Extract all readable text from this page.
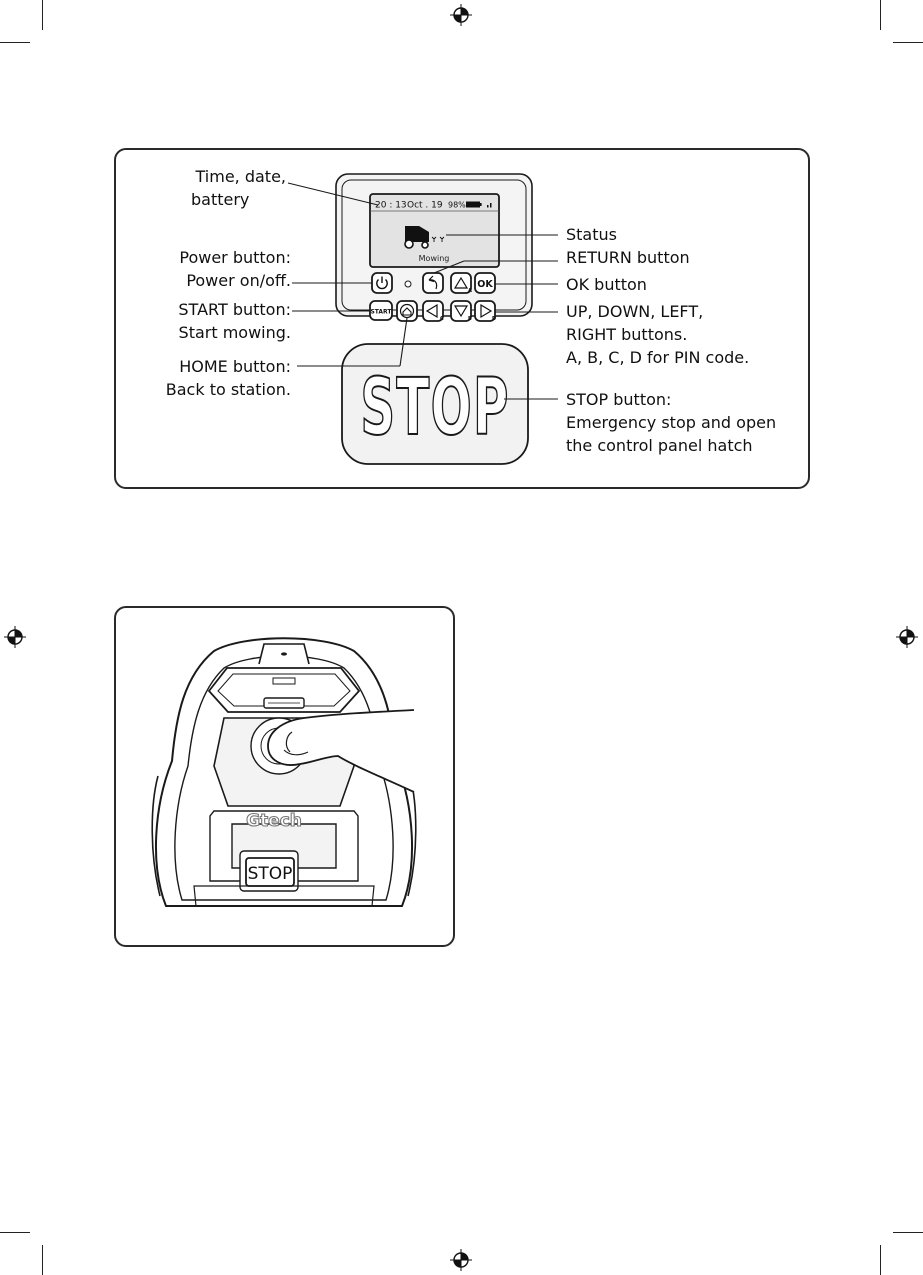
20 : 13 Oct . 19 98%
Mowing
A
OK
START
C	B	D
STOP
Time, date,
battery
Power button:
Power on/off.
START button:
Start mowing.
HOME button:
Back to station.
Status
RETURN button
OK button
UP, DOWN, LEFT,
RIGHT buttons.
A, B, C, D for PIN code.
STOP button:
Emergency stop and open
the control panel hatch
Gtech
STOP
